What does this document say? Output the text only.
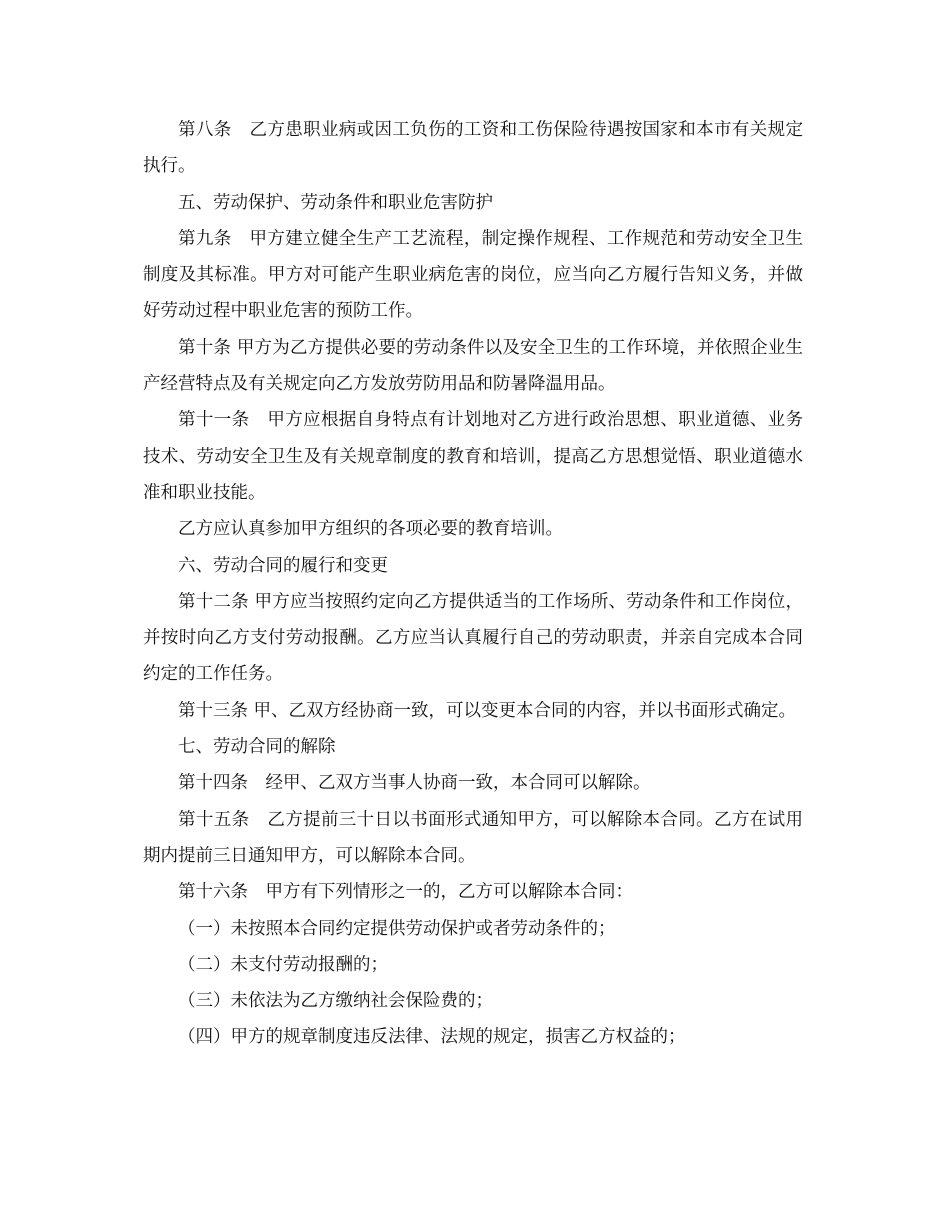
第八条　乙方患职业病或因工负伤的工资和工伤保险待遇按国家和本市有关规定执行。

五、劳动保护、劳动条件和职业危害防护

第九条　甲方建立健全生产工艺流程，制定操作规程、工作规范和劳动安全卫生制度及其标准。甲方对可能产生职业病危害的岗位，应当向乙方履行告知义务，并做好劳动过程中职业危害的预防工作。

第十条 甲方为乙方提供必要的劳动条件以及安全卫生的工作环境，并依照企业生产经营特点及有关规定向乙方发放劳防用品和防暑降温用品。

第十一条　甲方应根据自身特点有计划地对乙方进行政治思想、职业道德、业务技术、劳动安全卫生及有关规章制度的教育和培训，提高乙方思想觉悟、职业道德水准和职业技能。

乙方应认真参加甲方组织的各项必要的教育培训。

六、劳动合同的履行和变更

第十二条 甲方应当按照约定向乙方提供适当的工作场所、劳动条件和工作岗位，并按时向乙方支付劳动报酬。乙方应当认真履行自己的劳动职责，并亲自完成本合同约定的工作任务。

第十三条 甲、乙双方经协商一致，可以变更本合同的内容，并以书面形式确定。

七、劳动合同的解除

第十四条　经甲、乙双方当事人协商一致，本合同可以解除。

第十五条　乙方提前三十日以书面形式通知甲方，可以解除本合同。乙方在试用期内提前三日通知甲方，可以解除本合同。

第十六条　甲方有下列情形之一的，乙方可以解除本合同：

（一）未按照本合同约定提供劳动保护或者劳动条件的；

（二）未支付劳动报酬的；

（三）未依法为乙方缴纳社会保险费的；

（四）甲方的规章制度违反法律、法规的规定，损害乙方权益的；
